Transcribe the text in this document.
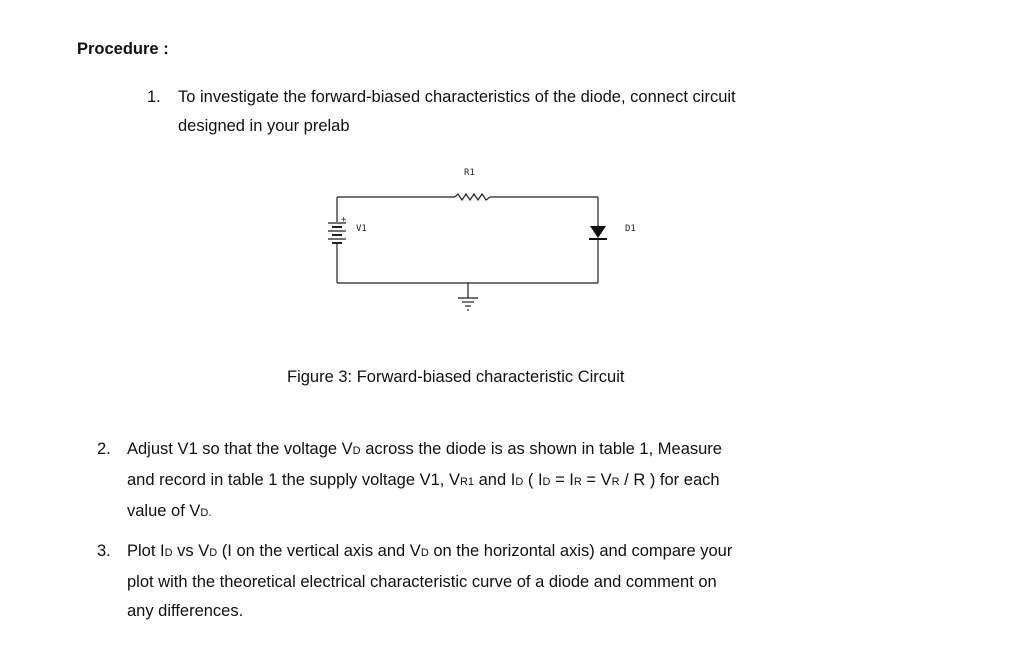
Procedure :
1. To investigate the forward-biased characteristics of the diode, connect circuit
designed in your prelab
R1
+
V1	D1
Figure 3: Forward-biased characteristic Circuit
2. Adjust V1 so that the voltage VD across the diode is as shown in table 1, Measure
and record in table 1 the supply voltage V1, VR1 and ID ( ID = IR = VR / R ) for each
value of VD.
3. Plot ID vs VD (I on the vertical axis and VD on the horizontal axis) and compare your
plot with the theoretical electrical characteristic curve of a diode and comment on
any differences.
